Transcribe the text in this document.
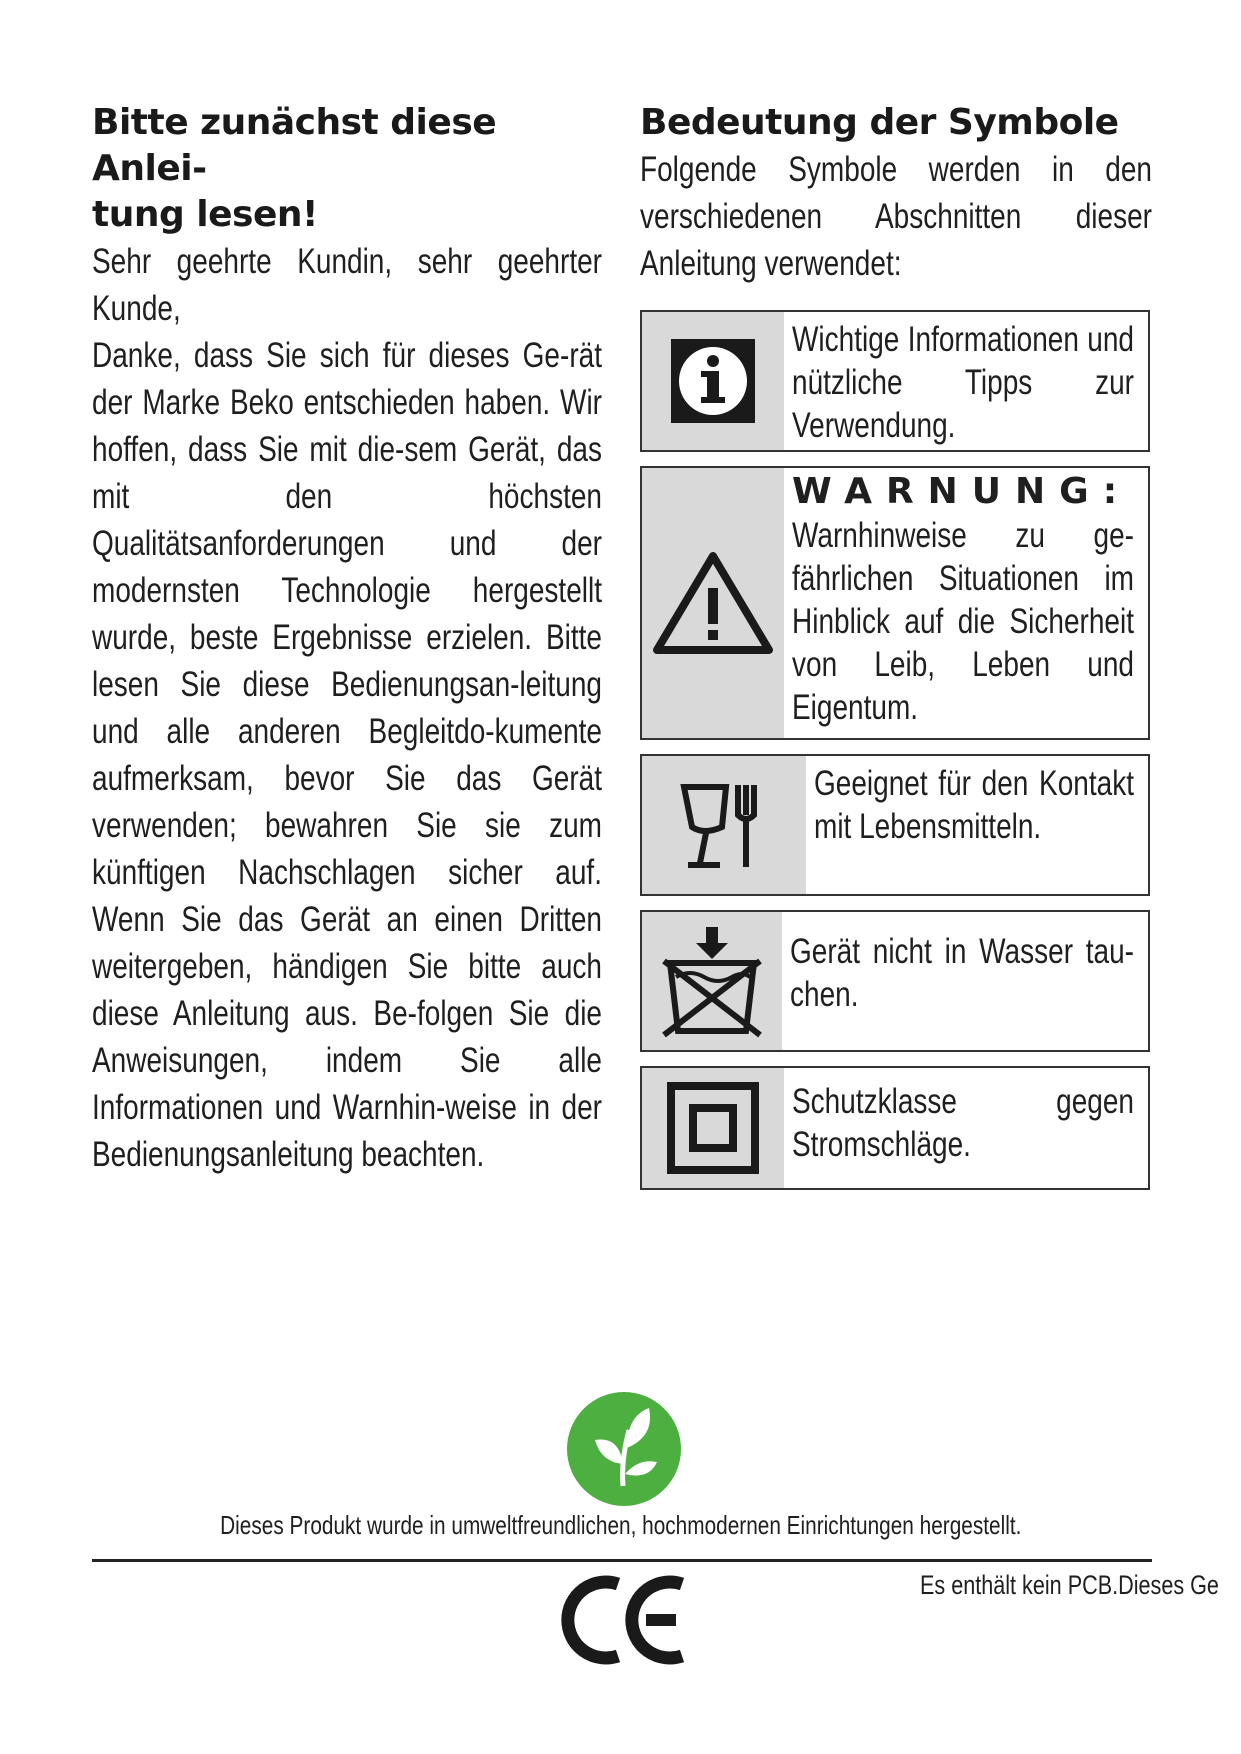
Bitte zunächst diese Anlei-
tung lesen!
Sehr geehrte Kundin, sehr geehrter Kunde,
Danke, dass Sie sich für dieses Ge-rät der Marke Beko entschieden haben. Wir hoffen, dass Sie mit die-sem Gerät, das mit den höchsten Qualitätsanforderungen und der modernsten Technologie hergestellt wurde, beste Ergebnisse erzielen. Bitte lesen Sie diese Bedienungsan-leitung und alle anderen Begleitdo-kumente aufmerksam, bevor Sie das Gerät verwenden; bewahren Sie sie zum künftigen Nachschlagen sicher auf. Wenn Sie das Gerät an einen Dritten weitergeben, händigen Sie bitte auch diese Anleitung aus. Be-folgen Sie die Anweisungen, indem Sie alle Informationen und Warnhin-weise in der Bedienungsanleitung beachten.
Bedeutung der Symbole
Folgende Symbole werden in den verschiedenen Abschnitten dieser Anleitung verwendet:
Wichtige Informationen und nützliche Tipps zur Verwendung.
WARNUNG:
Warnhinweise zu ge-fährlichen Situationen im Hinblick auf die Sicherheit von Leib, Leben und Eigentum.
Geeignet für den Kontakt mit Lebensmitteln.
Gerät nicht in Wasser tau-chen.
Schutzklasse gegen Stromschläge.
Dieses Produkt wurde in umweltfreundlichen, hochmodernen Einrichtungen hergestellt.
Es enthält kein PCB.Dieses Ge
